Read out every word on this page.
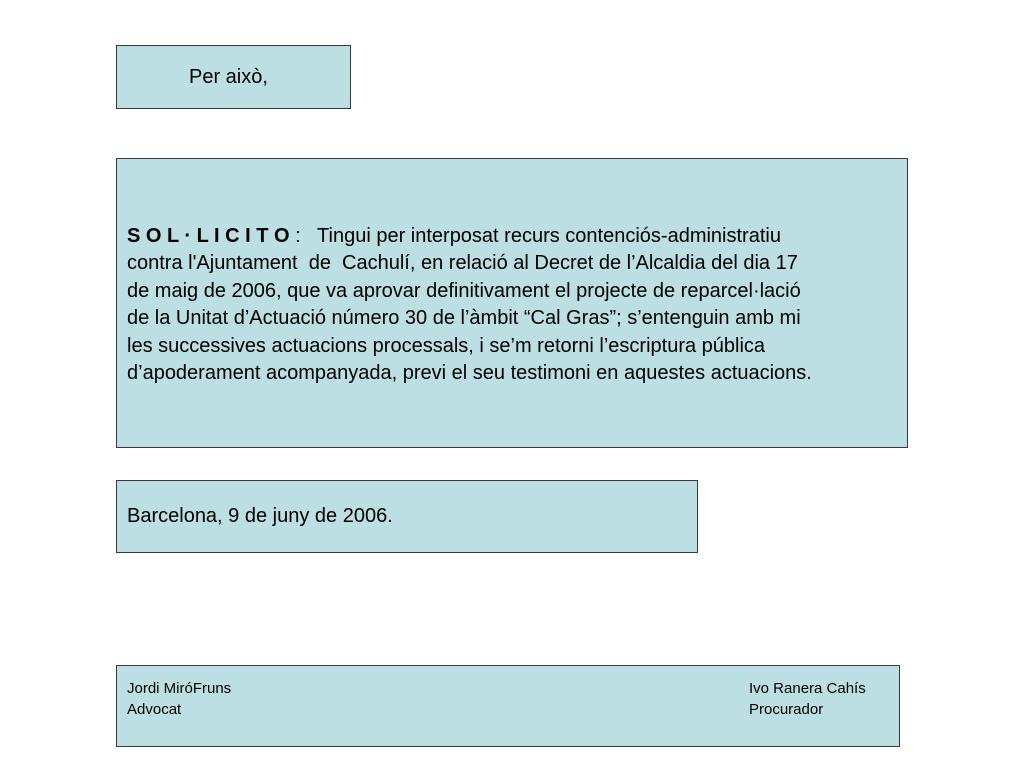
Per això,
S O L · L I C I T O :   Tingui per interposat recurs contenciós-administratiu
contra l'Ajuntament  de  Cachulí, en relació al Decret de l’Alcaldia del dia 17
de maig de 2006, que va aprovar definitivament el projecte de reparcel·lació
de la Unitat d’Actuació número 30 de l’àmbit “Cal Gras”; s’entenguin amb mi
les successives actuacions processals, i se’m retorni l’escriptura pública
d’apoderament acompanyada, previ el seu testimoni en aquestes actuacions.
Barcelona, 9 de juny de 2006.
Jordi MiróFruns
Advocat
Ivo Ranera Cahís
Procurador
